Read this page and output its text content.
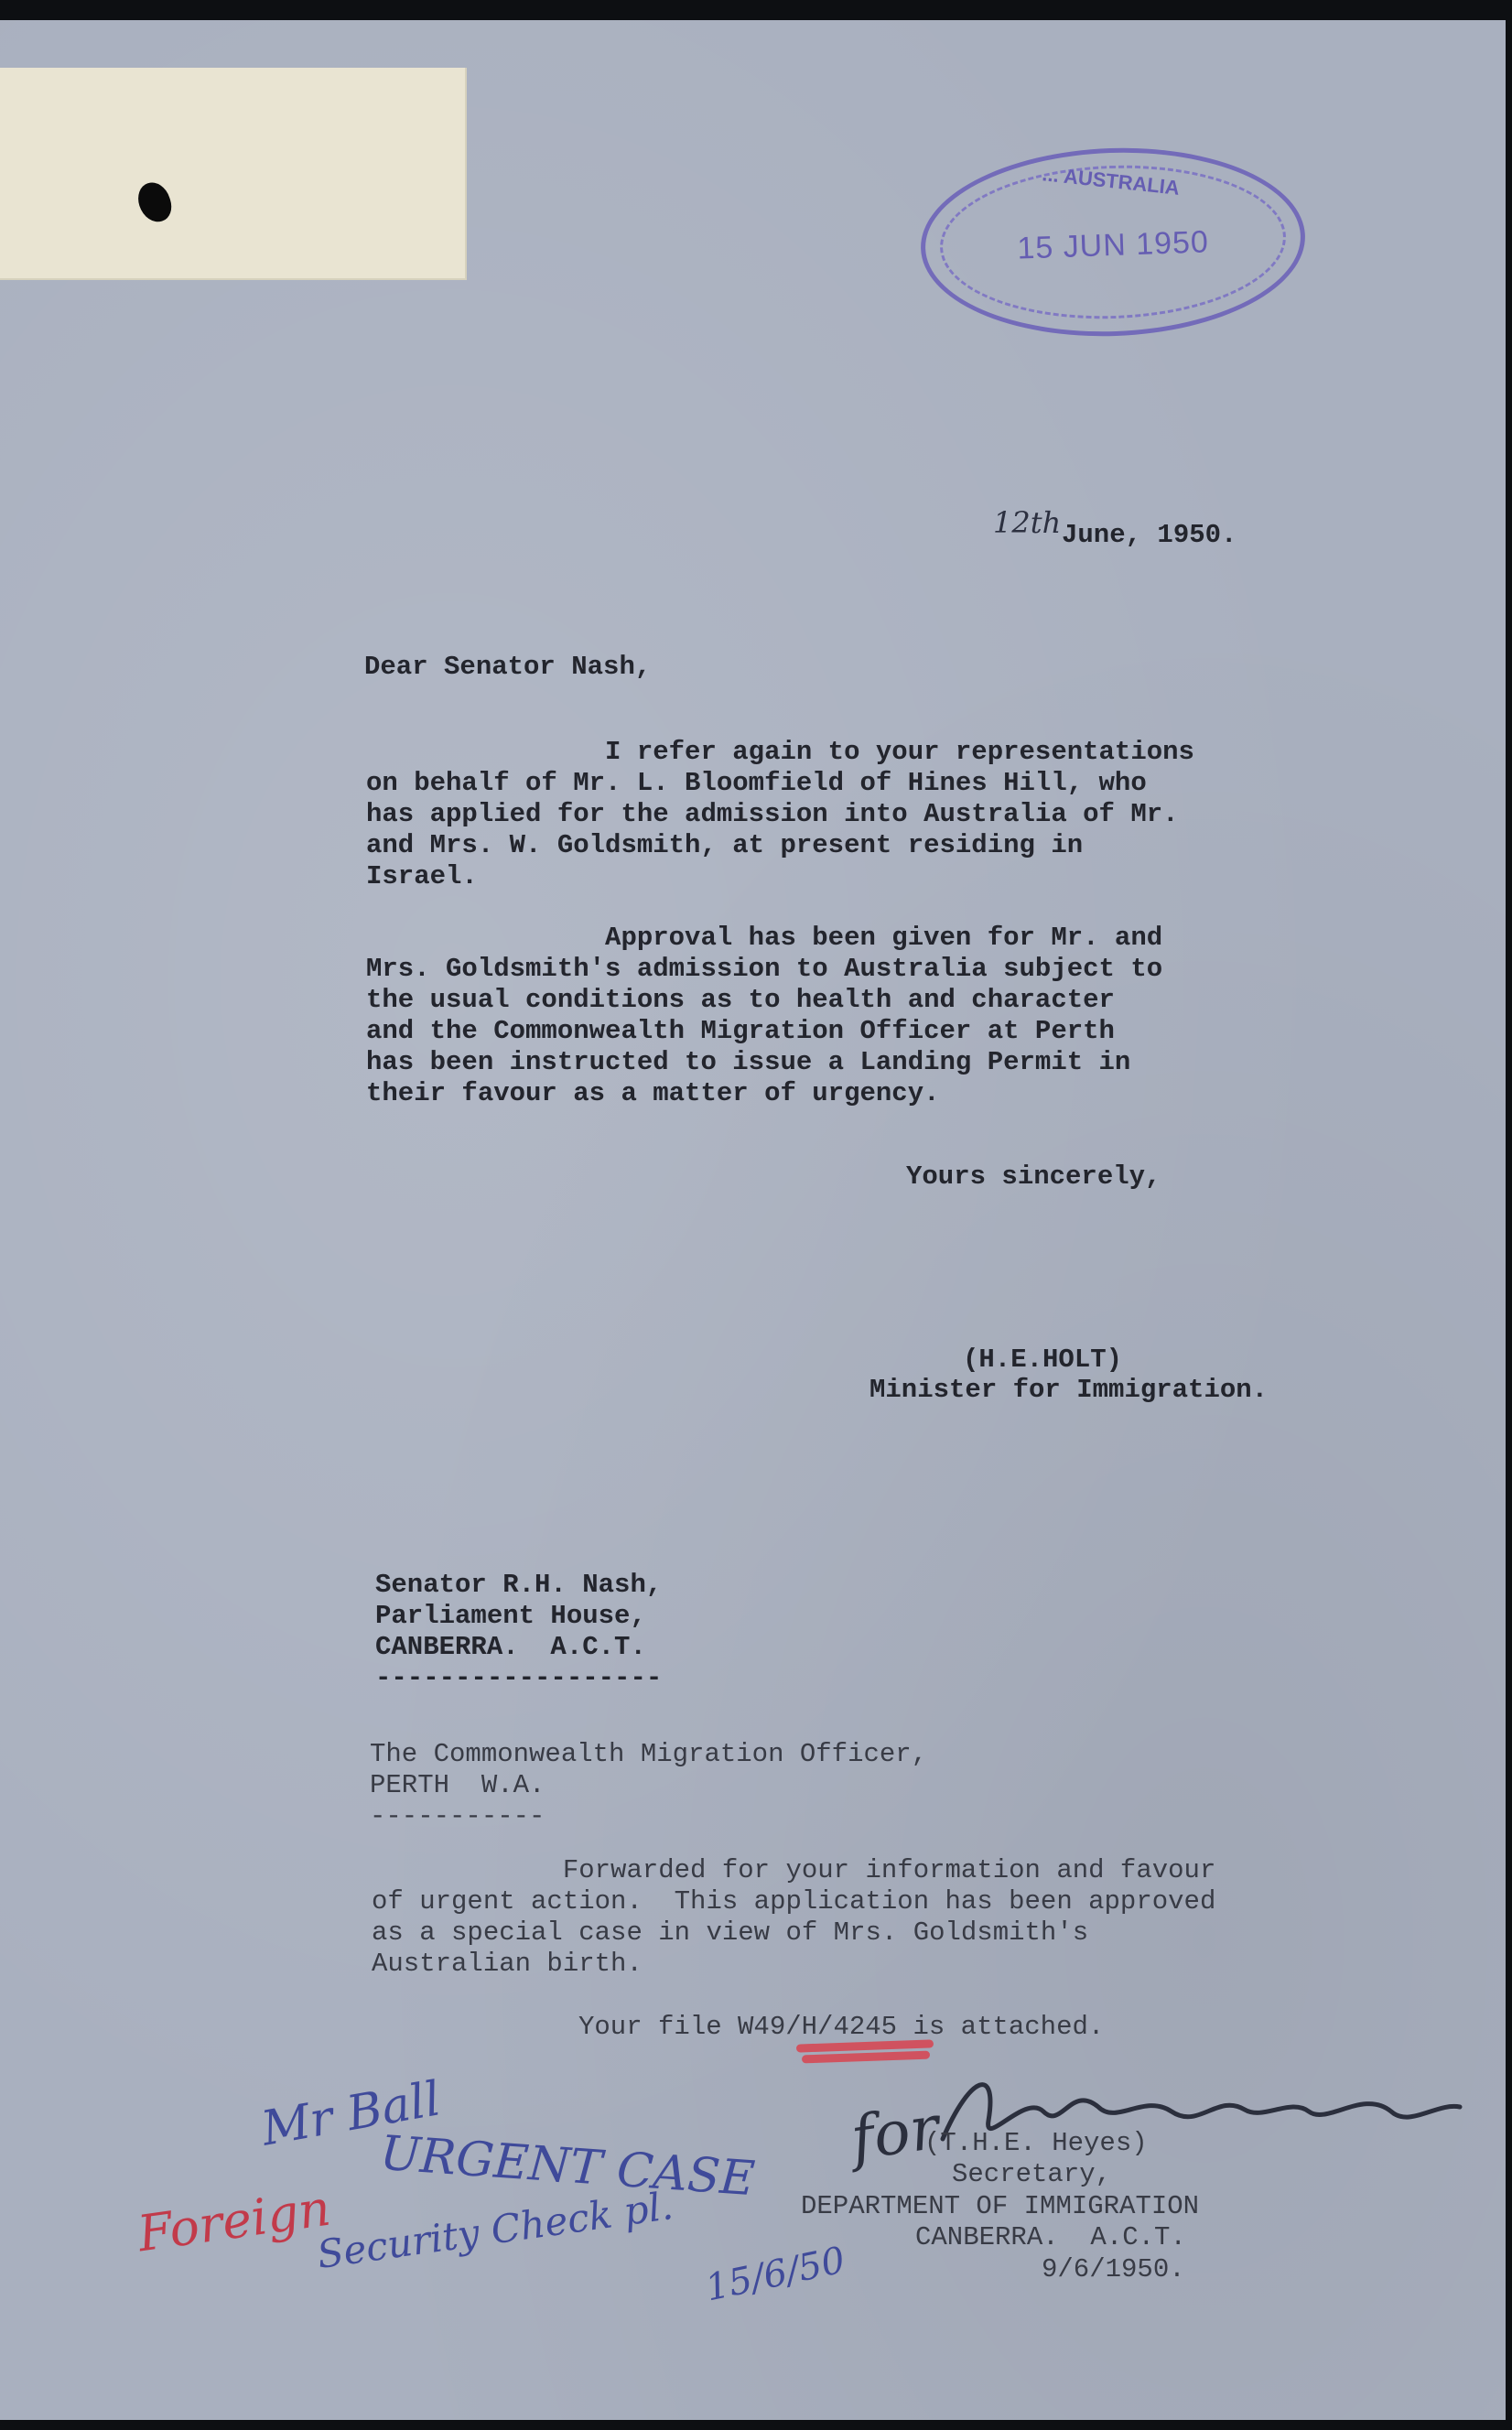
... AUSTRALIA
15 JUN 1950
12th June, 1950.
Dear Senator Nash,
I refer again to your representations
on behalf of Mr. L. Bloomfield of Hines Hill, who
has applied for the admission into Australia of Mr.
and Mrs. W. Goldsmith, at present residing in
Israel.
Approval has been given for Mr. and
Mrs. Goldsmith's admission to Australia subject to
the usual conditions as to health and character
and the Commonwealth Migration Officer at Perth
has been instructed to issue a Landing Permit in
their favour as a matter of urgency.
Yours sincerely,
(H.E.HOLT)
Minister for Immigration.
Senator R.H. Nash,
Parliament House,
CANBERRA.  A.C.T.
------------------
The Commonwealth Migration Officer,
PERTH  W.A.
-----------
Forwarded for your information and favour
of urgent action.  This application has been approved
as a special case in view of Mrs. Goldsmith's
Australian birth.
Your file W49/H/4245 is attached.
for
(T.H.E. Heyes)
Secretary,
DEPARTMENT OF IMMIGRATION
CANBERRA.  A.C.T.
9/6/1950.
Mr Ball
URGENT CASE
Foreign
Security Check pl. 15/6/50
